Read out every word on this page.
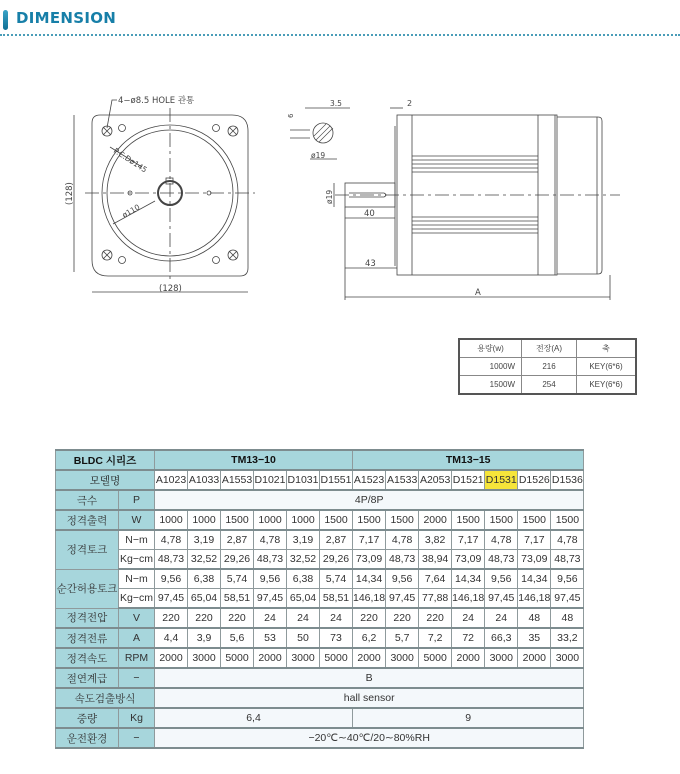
DIMENSION
4−ø8.5 HOLE 관통
P.C.Dø145
ø110
(128)
(128)
6
3.5
ø19
2
ø19
40
43
A
용량(w)	전장(A)	축
1000W	216	KEY(6*6)
1500W	254	KEY(6*6)
BLDC 시리즈		TM13−10						TM13−15						
모델명		A1023	A1033	A1553	D1021	D1031	D1551	A1523	A1533	A2053	D1521	D1531	D1526	D1536
극수	P	4P/8P												
정격출력	W	1000	1000	1500	1000	1000	1500	1500	1500	2000	1500	1500	1500	1500
정격토크	N−m	4,78	3,19	2,87	4,78	3,19	2,87	7,17	4,78	3,82	7,17	4,78	7,17	4,78
	Kg−cm	48,73	32,52	29,26	48,73	32,52	29,26	73,09	48,73	38,94	73,09	48,73	73,09	48,73
순간허용토크	N−m	9,56	6,38	5,74	9,56	6,38	5,74	14,34	9,56	7,64	14,34	9,56	14,34	9,56
	Kg−cm	97,45	65,04	58,51	97,45	65,04	58,51	146,18	97,45	77,88	146,18	97,45	146,18	97,45
정격전압	V	220	220	220	24	24	24	220	220	220	24	24	48	48
정격전류	A	4,4	3,9	5,6	53	50	73	6,2	5,7	7,2	72	66,3	35	33,2
정격속도	RPM	2000	3000	5000	2000	3000	5000	2000	3000	5000	2000	3000	2000	3000
절연계급	−	B												
속도검출방식		hall sensor												
중량	Kg	6,4						9						
운전환경	−	−20℃∼40℃/20∼80%RH												
